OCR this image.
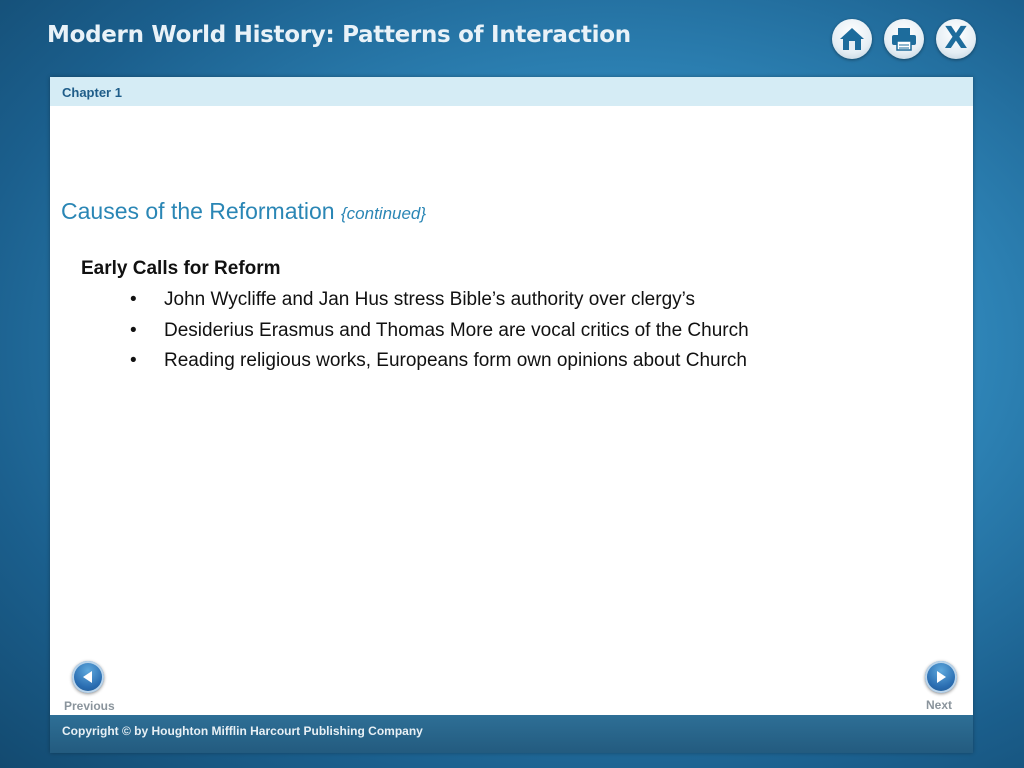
Modern World History: Patterns of Interaction	X
Chapter 1
Causes of the Reformation {continued}
Early Calls for Reform
• John Wycliffe and Jan Hus stress Bible’s authority over clergy’s
• Desiderius Erasmus and Thomas More are vocal critics of the Church
• Reading religious works, Europeans form own opinions about Church
Previous	Next
Copyright © by Houghton Mifflin Harcourt Publishing Company
